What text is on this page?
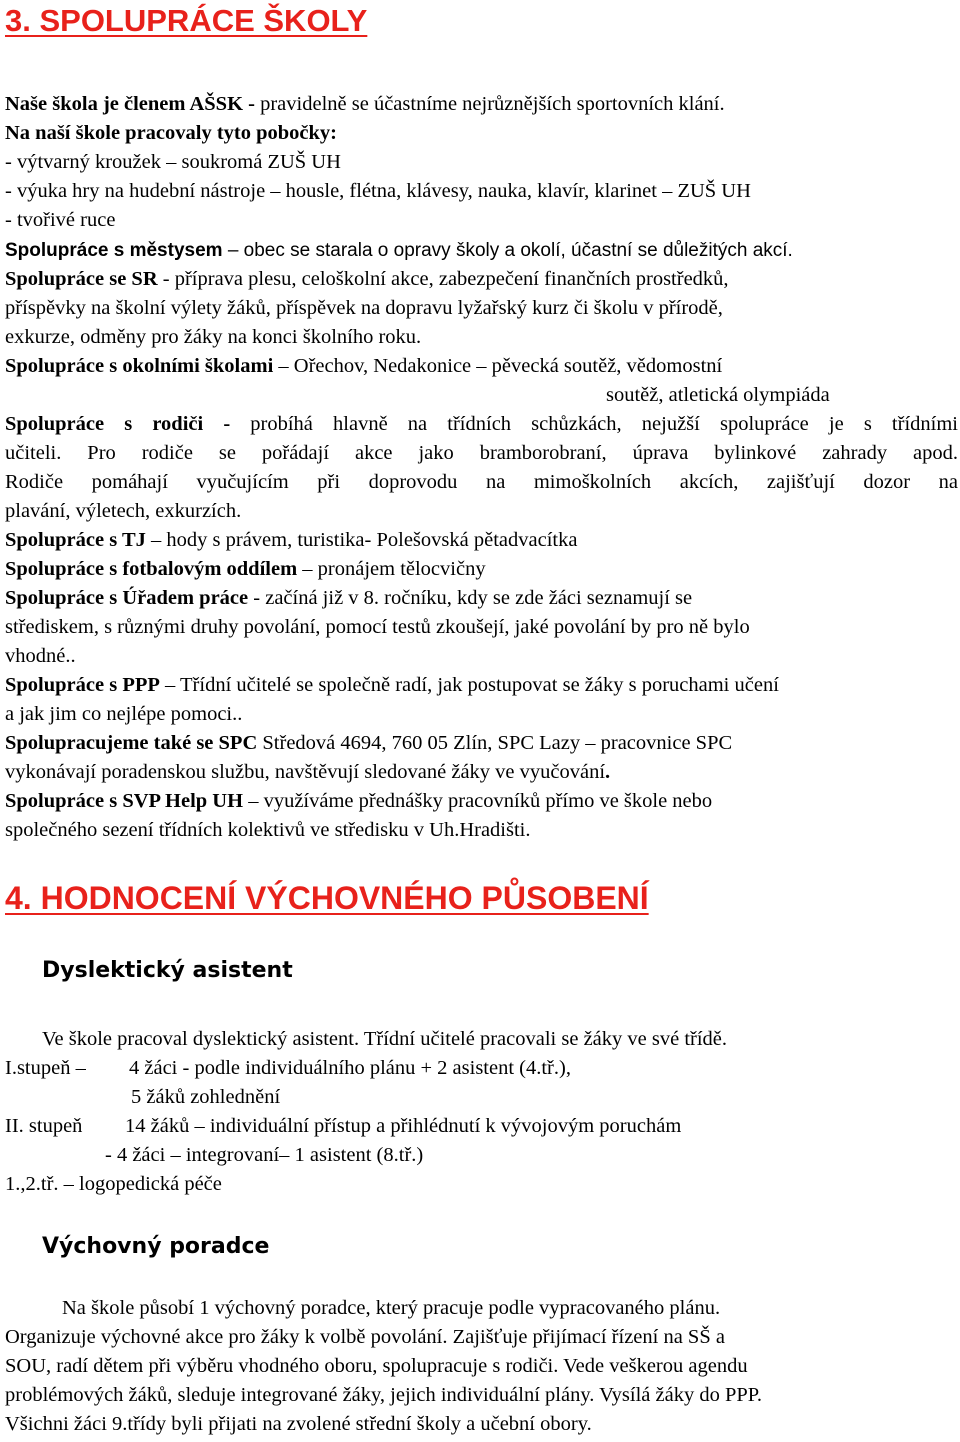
3. SPOLUPRÁCE ŠKOLY
Naše škola je členem AŠSK - pravidelně se účastníme nejrůznějších sportovních klání.
Na naší škole pracovaly tyto pobočky:
- výtvarný kroužek – soukromá ZUŠ UH
- výuka hry na hudební nástroje – housle, flétna, klávesy, nauka, klavír, klarinet – ZUŠ UH
- tvořivé ruce
Spolupráce s městysem – obec se starala o opravy školy a okolí, účastní se důležitých akcí.
Spolupráce se SR - příprava plesu, celoškolní akce, zabezpečení finančních prostředků,
příspěvky na školní výlety žáků, příspěvek na dopravu lyžařský kurz či školu v přírodě,
exkurze, odměny pro žáky na konci školního roku.
Spolupráce s okolními školami – Ořechov, Nedakonice – pěvecká soutěž, vědomostní
soutěž, atletická olympiáda
Spolupráce s rodiči - probíhá hlavně na třídních schůzkách, nejužší spolupráce je s třídními
učiteli. Pro rodiče se pořádají akce jako bramborobraní, úprava bylinkové zahrady apod.
Rodiče pomáhají vyučujícím při doprovodu na mimoškolních akcích, zajišťují dozor na
plavání, výletech, exkurzích.
Spolupráce s TJ – hody s právem, turistika- Polešovská pětadvacítka
Spolupráce s fotbalovým oddílem – pronájem tělocvičny
Spolupráce s Úřadem práce - začíná již v 8. ročníku, kdy se zde žáci seznamují se
střediskem, s různými druhy povolání, pomocí testů zkoušejí, jaké povolání by pro ně bylo
vhodné..
Spolupráce s PPP – Třídní učitelé se společně radí, jak postupovat se žáky s poruchami učení
a jak jim co nejlépe pomoci..
Spolupracujeme také se SPC Středová 4694, 760 05 Zlín, SPC Lazy – pracovnice SPC
vykonávají poradenskou službu, navštěvují sledované žáky ve vyučování.
Spolupráce s SVP Help UH – využíváme přednášky pracovníků přímo ve škole nebo
společného sezení třídních kolektivů ve středisku v Uh.Hradišti.
4. HODNOCENÍ VÝCHOVNÉHO PŮSOBENÍ
Dyslektický asistent
Ve škole pracoval dyslektický asistent. Třídní učitelé pracovali se žáky ve své třídě.
I.stupeň – 4 žáci - podle individuálního plánu + 2 asistent (4.tř.),
5 žáků zohlednění
II. stupeň 14 žáků – individuální přístup a přihlédnutí k vývojovým poruchám
- 4 žáci – integrovaní– 1 asistent (8.tř.)
1.,2.tř. – logopedická péče
Výchovný poradce
Na škole působí 1 výchovný poradce, který pracuje podle vypracovaného plánu.
Organizuje výchovné akce pro žáky k volbě povolání. Zajišťuje přijímací řízení na SŠ a
SOU, radí dětem při výběru vhodného oboru, spolupracuje s rodiči. Vede veškerou agendu
problémových žáků, sleduje integrované žáky, jejich individuální plány. Vysílá žáky do PPP.
Všichni žáci 9.třídy byli přijati na zvolené střední školy a učební obory.
